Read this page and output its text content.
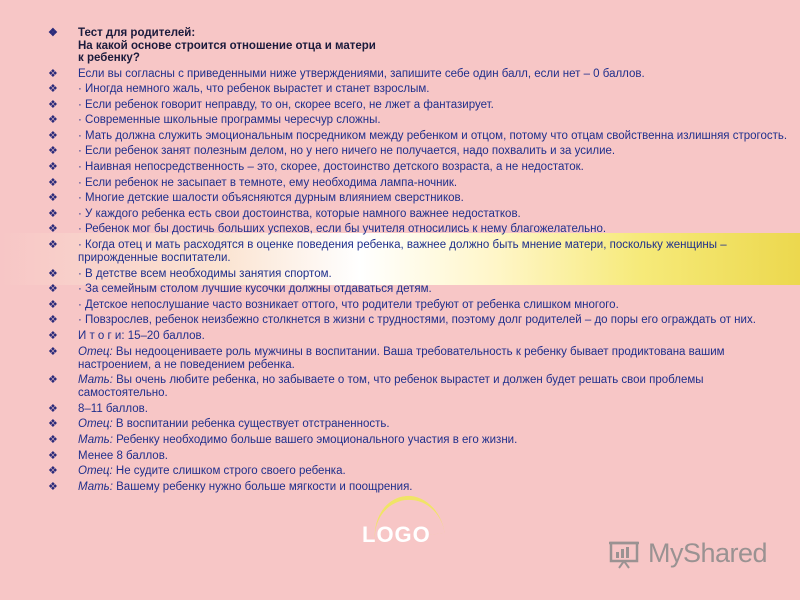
❖	Тест для родителей:
На какой основе строится отношение отца и матери
к ребенку?
❖	Если вы согласны с приведенными ниже утверждениями, запишите себе один балл, если нет – 0 баллов.
❖	· Иногда немного жаль, что ребенок вырастет и станет взрослым.
❖	· Если ребенок говорит неправду, то он, скорее всего, не лжет а фантазирует.
❖	· Современные школьные программы чересчур сложны.
❖	· Мать должна служить эмоциональным посредником между ребенком и отцом, потому что отцам свойственна излишняя строгость.
❖	· Если ребенок занят полезным делом, но у него ничего не получается, надо похвалить и за усилие.
❖	· Наивная непосредственность – это, скорее, достоинство детского возраста, а не недостаток.
❖	· Если ребенок не засыпает в темноте, ему необходима лампа-ночник.
❖	· Многие детские шалости объясняются дурным влиянием сверстников.
❖	· У каждого ребенка есть свои достоинства, которые намного важнее недостатков.
❖	· Ребенок мог бы достичь больших успехов, если бы учителя относились к нему благожелательно.
❖	· Когда отец и мать расходятся в оценке поведения ребенка, важнее должно быть мнение матери, поскольку женщины – прирожденные воспитатели.
❖	· В детстве всем необходимы занятия спортом.
❖	· За семейным столом лучшие кусочки должны отдаваться детям.
❖	· Детское непослушание часто возникает оттого, что родители требуют от ребенка слишком многого.
❖	· Повзрослев, ребенок неизбежно столкнется в жизни с трудностями, поэтому долг родителей – до поры его ограждать от них.
❖	И т о г и: 15–20 баллов.
❖	Отец: Вы недооцениваете роль мужчины в воспитании. Ваша требовательность к ребенку бывает продиктована вашим настроением, а не поведением ребенка.
❖	Мать: Вы очень любите ребенка, но забываете о том, что ребенок вырастет и должен будет решать свои проблемы самостоятельно.
❖	8–11 баллов.
❖	Отец: В воспитании ребенка существует отстраненность.
❖	Мать: Ребенку необходимо больше вашего эмоционального участия в его жизни.
❖	Менее 8 баллов.
❖	Отец: Не судите слишком строго своего ребенка.
❖	Мать: Вашему ребенку нужно больше мягкости и поощрения.
LOGO
MyShared
